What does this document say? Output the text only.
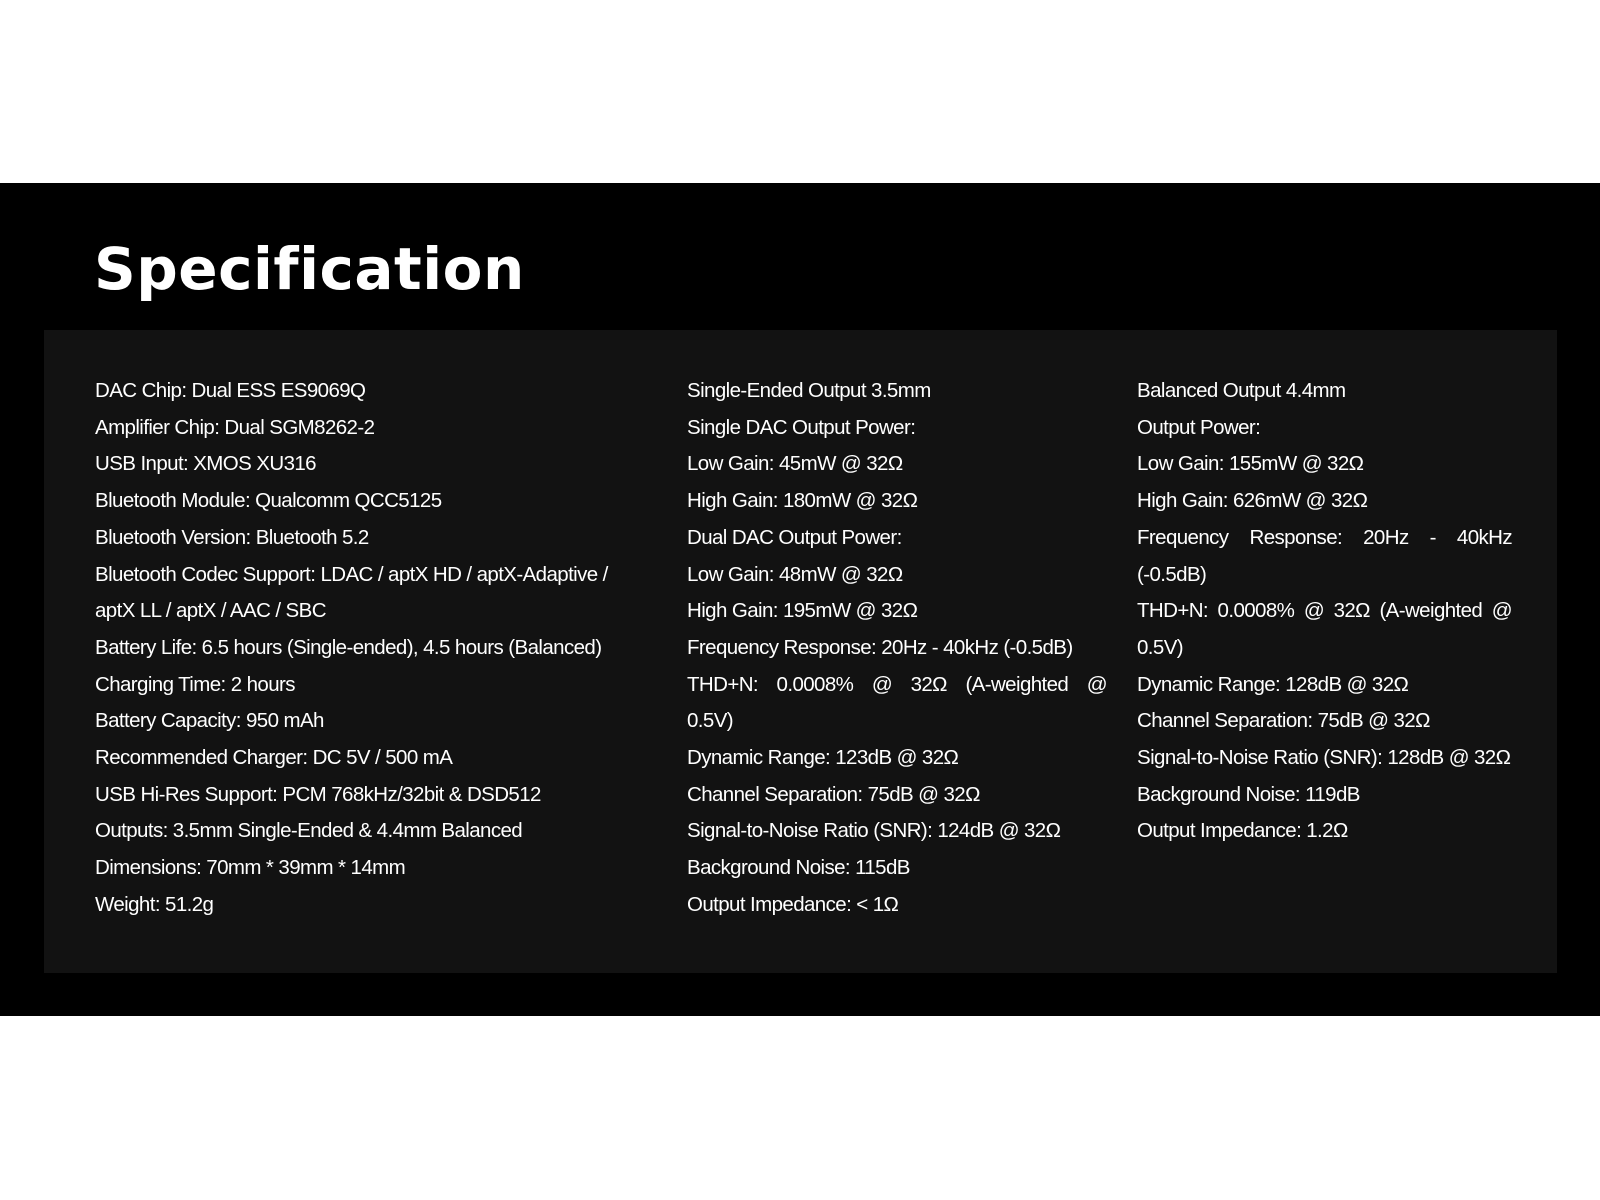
Specification
DAC Chip: Dual ESS ES9069Q
Amplifier Chip: Dual SGM8262-2
USB Input: XMOS XU316
Bluetooth Module: Qualcomm QCC5125
Bluetooth Version: Bluetooth 5.2
Bluetooth Codec Support: LDAC / aptX HD / aptX-Adaptive /
aptX LL / aptX / AAC / SBC
Battery Life: 6.5 hours (Single-ended), 4.5 hours (Balanced)
Charging Time: 2 hours
Battery Capacity: 950 mAh
Recommended Charger: DC 5V / 500 mA
USB Hi-Res Support: PCM 768kHz/32bit & DSD512
Outputs: 3.5mm Single-Ended & 4.4mm Balanced
Dimensions: 70mm * 39mm * 14mm
Weight: 51.2g
Single-Ended Output 3.5mm
Single DAC Output Power:
Low Gain: 45mW @ 32Ω
High Gain: 180mW @ 32Ω
Dual DAC Output Power:
Low Gain: 48mW @ 32Ω
High Gain: 195mW @ 32Ω
Frequency Response: 20Hz - 40kHz (-0.5dB)
THD+N: 0.0008% @ 32Ω (A-weighted @
0.5V)
Dynamic Range: 123dB @ 32Ω
Channel Separation: 75dB @ 32Ω
Signal-to-Noise Ratio (SNR): 124dB @ 32Ω
Background Noise: 115dB
Output Impedance: < 1Ω
Balanced Output 4.4mm
Output Power:
Low Gain: 155mW @ 32Ω
High Gain: 626mW @ 32Ω
Frequency Response: 20Hz - 40kHz
(-0.5dB)
THD+N: 0.0008% @ 32Ω (A-weighted @
0.5V)
Dynamic Range: 128dB @ 32Ω
Channel Separation: 75dB @ 32Ω
Signal-to-Noise Ratio (SNR): 128dB @ 32Ω
Background Noise: 119dB
Output Impedance: 1.2Ω
